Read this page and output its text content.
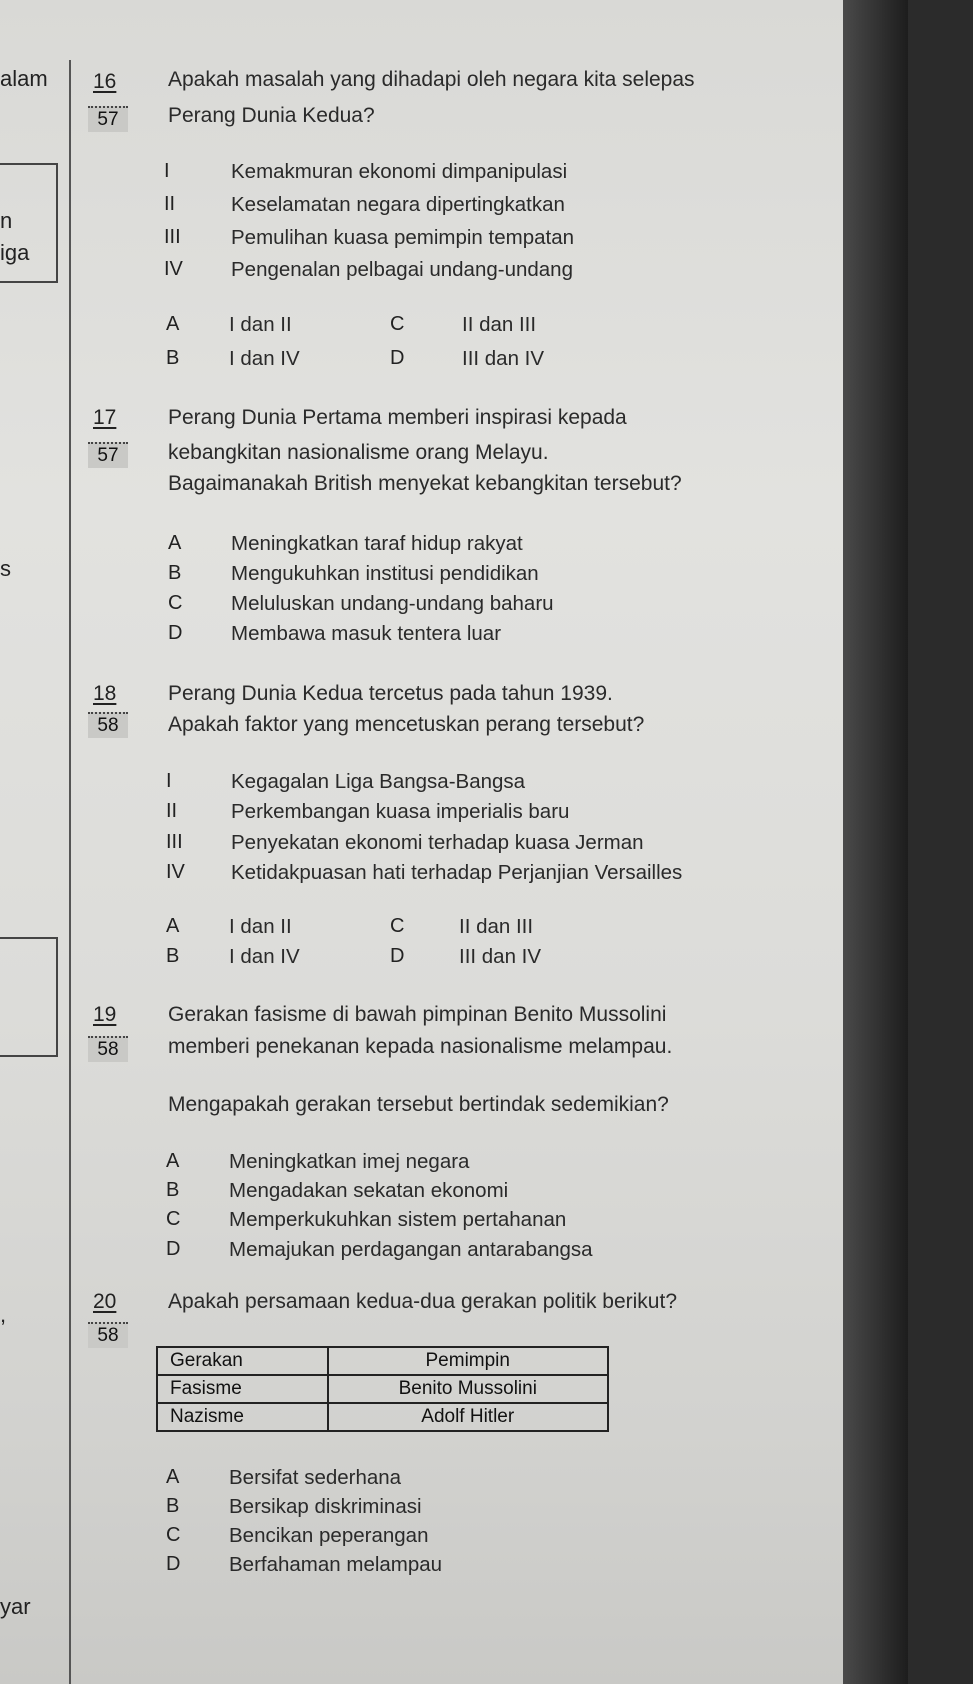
alam
n
iga
s
,
yar
16
57
Apakah masalah yang dihadapi oleh negara kita selepas
Perang Dunia Kedua?
I	Kemakmuran ekonomi dimpanipulasi
II	Keselamatan negara dipertingkatkan
III	Pemulihan kuasa pemimpin tempatan
IV	Pengenalan pelbagai undang-undang
A	I dan II
B	I dan IV
C	II dan III
D	III dan IV
17
57
Perang Dunia Pertama memberi inspirasi kepada
kebangkitan nasionalisme orang Melayu.
Bagaimanakah British menyekat kebangkitan tersebut?
A	Meningkatkan taraf hidup rakyat
B	Mengukuhkan institusi pendidikan
C	Meluluskan undang-undang baharu
D	Membawa masuk tentera luar
18
58
Perang Dunia Kedua tercetus pada tahun 1939.
Apakah faktor yang mencetuskan perang tersebut?
I	Kegagalan Liga Bangsa-Bangsa
II	Perkembangan kuasa imperialis baru
III	Penyekatan ekonomi terhadap kuasa Jerman
IV	Ketidakpuasan hati terhadap Perjanjian Versailles
A	I dan II
B	I dan IV
C	II dan III
D	III dan IV
19
58
Gerakan fasisme di bawah pimpinan Benito Mussolini
memberi penekanan kepada nasionalisme melampau.
Mengapakah gerakan tersebut bertindak sedemikian?
A	Meningkatkan imej negara
B	Mengadakan sekatan ekonomi
C	Memperkukuhkan sistem pertahanan
D	Memajukan perdagangan antarabangsa
20
58
Apakah persamaan kedua-dua gerakan politik berikut?
Gerakan	Pemimpin
Fasisme	Benito Mussolini
Nazisme	Adolf Hitler
A	Bersifat sederhana
B	Bersikap diskriminasi
C	Bencikan peperangan
D	Berfahaman melampau
